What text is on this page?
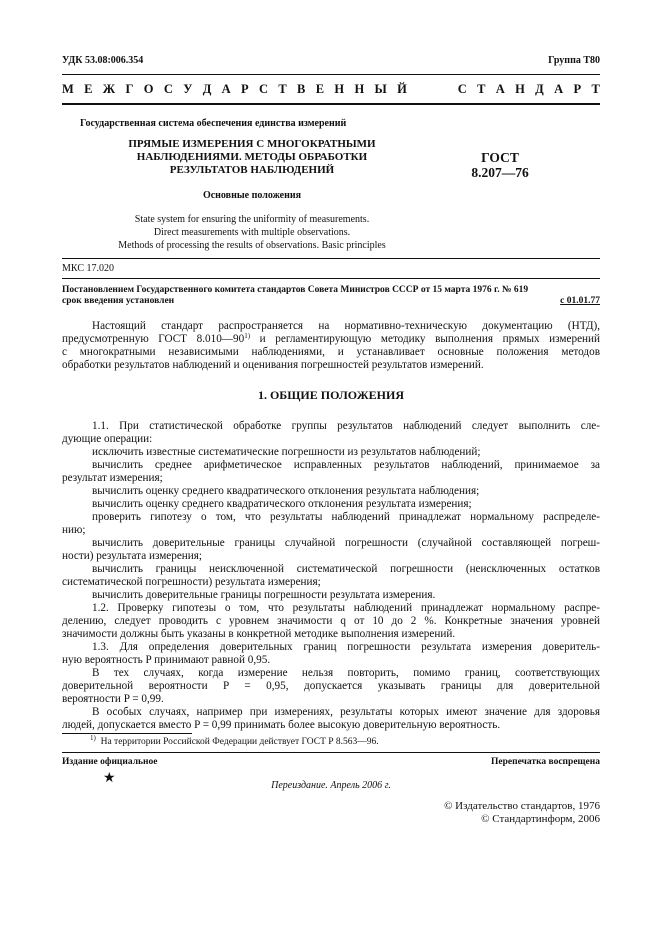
УДК 53.08:006.354	Группа Т80
М Е Ж Г О С У Д А Р С Т В Е Н Н Ы Й     С Т А Н Д А Р Т
Государственная система обеспечения единства измерений
ПРЯМЫЕ ИЗМЕРЕНИЯ С МНОГОКРАТНЫМИ
НАБЛЮДЕНИЯМИ. МЕТОДЫ ОБРАБОТКИ
РЕЗУЛЬТАТОВ НАБЛЮДЕНИЙ
ГОСТ
8.207—76
Основные положения
State system for ensuring the uniformity of measurements.
Direct measurements with multiple observations.
Methods of processing the results of observations. Basic principles
МКС 17.020
Постановлением Государственного комитета стандартов Совета Министров СССР от 15 марта 1976 г. № 619
срок введения установлен	с 01.01.77
Настоящий стандарт распространяется на нормативно-техническую документацию (НТД),
предусмотренную ГОСТ 8.010—90$^{1)}$ и регламентирующую методику выполнения прямых измерений
с многократными независимыми наблюдениями, и устанавливает основные положения методов
обработки результатов наблюдений и оценивания погрешностей результатов измерений.
1. ОБЩИЕ ПОЛОЖЕНИЯ
1.1. При статистической обработке группы результатов наблюдений следует выполнить сле-
дующие операции:
исключить известные систематические погрешности из результатов наблюдений;
вычислить среднее арифметическое исправленных результатов наблюдений, принимаемое за
результат измерения;
вычислить оценку среднего квадратического отклонения результата наблюдения;
вычислить оценку среднего квадратического отклонения результата измерения;
проверить гипотезу о том, что результаты наблюдений принадлежат нормальному распределе-
нию;
вычислить доверительные границы случайной погрешности (случайной составляющей погреш-
ности) результата измерения;
вычислить границы неисключенной систематической погрешности (неисключенных остатков
систематической погрешности) результата измерения;
вычислить доверительные границы погрешности результата измерения.
1.2. Проверку гипотезы о том, что результаты наблюдений принадлежат нормальному распре-
делению, следует проводить с уровнем значимости q от 10 до 2 %. Конкретные значения уровней
значимости должны быть указаны в конкретной методике выполнения измерений.
1.3. Для определения доверительных границ погрешности результата измерения доверитель-
ную вероятность P принимают равной 0,95.
В тех случаях, когда измерение нельзя повторить, помимо границ, соответствующих
доверительной вероятности P = 0,95, допускается указывать границы для доверительной
вероятности P = 0,99.
В особых случаях, например при измерениях, результаты которых имеют значение для здоровья
людей, допускается вместо P = 0,99 принимать более высокую доверительную вероятность.
$^{1)}$ На территории Российской Федерации действует ГОСТ Р 8.563—96.
Издание официальное	Перепечатка воспрещена
★	Переиздание. Апрель 2006 г.
© Издательство стандартов, 1976
© Стандартинформ, 2006
